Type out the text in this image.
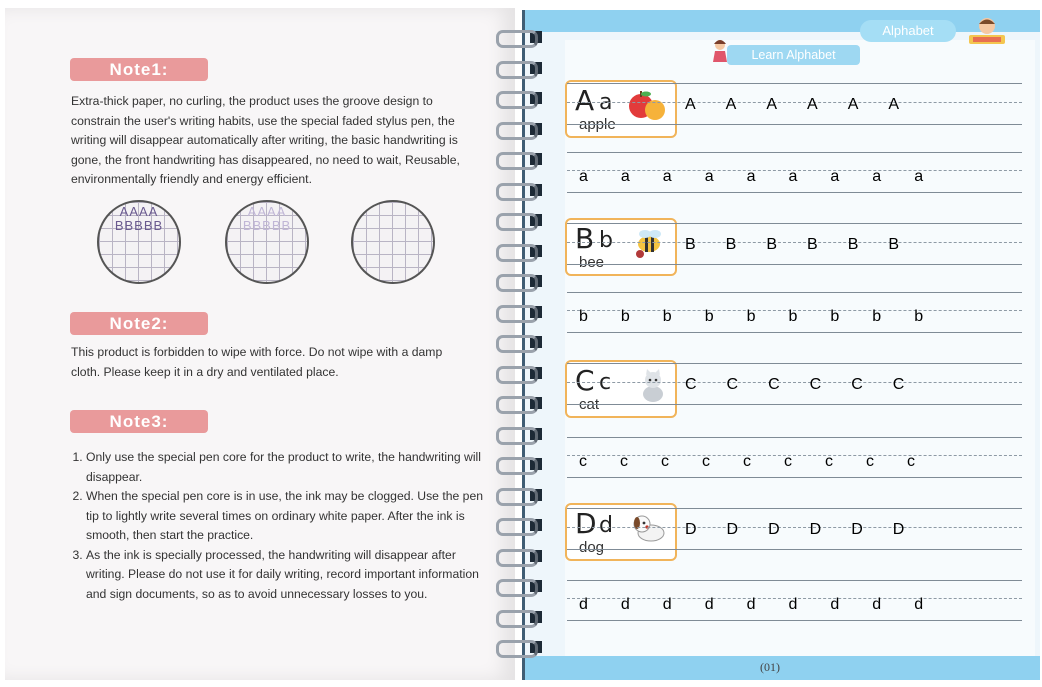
Note1:
Extra-thick paper, no curling, the product uses the groove design to constrain the user's writing habits, use the special faded stylus pen, the writing will disappear automatically after writing, the basic handwriting is gone, the front handwriting has disappeared, no need to wait, Reusable, environmentally friendly and energy efficient.
AAAA
BBBBB
AAAA
BBBBB
Note2:
This product is forbidden to wipe with force. Do not wipe with a damp cloth. Please keep it in a dry and ventilated place.
Note3:
1. Only use the special pen core for the product to write, the handwriting will disappear.
2. When the special pen core is in use, the ink may be clogged. Use the pen tip to lightly write several times on ordinary white paper. After the ink is smooth, then start the practice.
3. As the ink is specially processed, the handwriting will disappear after writing. Please do not use it for daily writing, record important information and sign documents, so as to avoid unnecessary losses to you.
Alphabet
Learn Alphabet
A a
apple
B b
bee
C c
cat
D d
dog
AAAAAA
aaaaaaaaa
BBBBBB
bbbbbbbbb
CCCCCC
ccccccccc
DDDDDD
ddddddddd
(01)
